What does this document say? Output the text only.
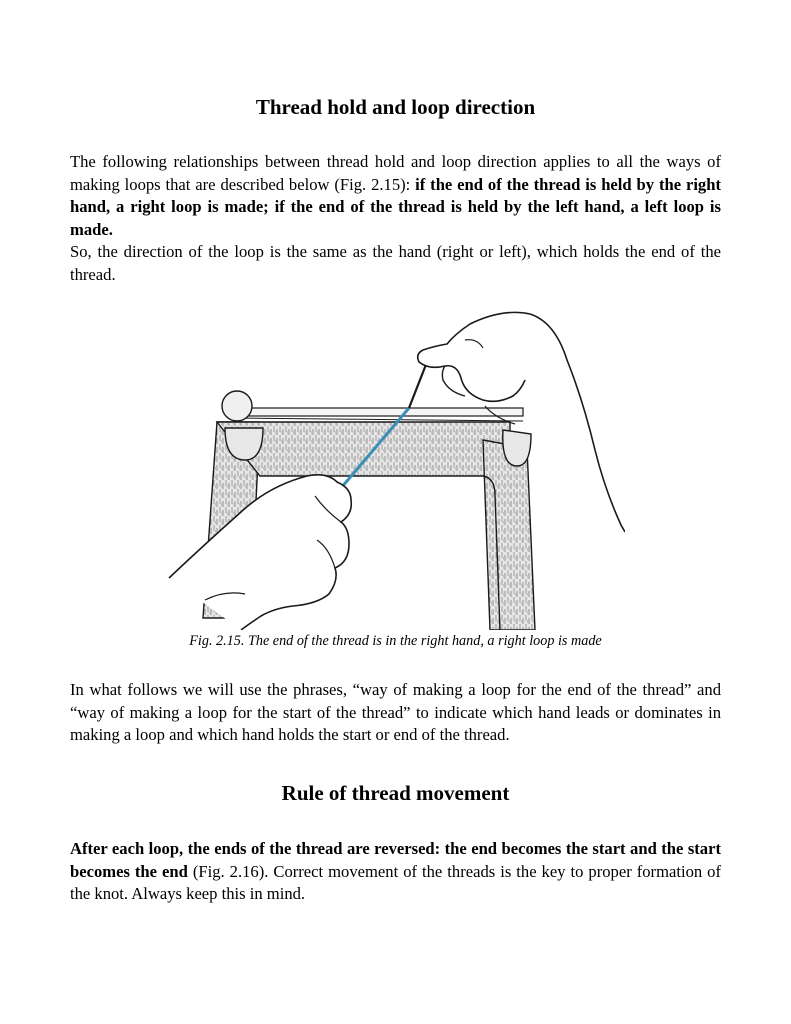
Thread hold and loop direction

The following relationships between thread hold and loop direction applies to all the ways of making loops that are described below (Fig. 2.15): if the end of the thread is held by the right hand, a right loop is made; if the end of the thread is held by the left hand, a left loop is made.

So, the direction of the loop is the same as the hand (right or left), which holds the end of the thread.

Fig. 2.15. The end of the thread is in the right hand, a right loop is made

In what follows we will use the phrases, “way of making a loop for the end of the thread” and “way of making a loop for the start of the thread” to indicate which hand leads or dominates in making a loop and which hand holds the start or end of the thread.

Rule of thread movement

After each loop, the ends of the thread are reversed: the end becomes the start and the start becomes the end (Fig. 2.16). Correct movement of the threads is the key to proper formation of the knot. Always keep this in mind.
